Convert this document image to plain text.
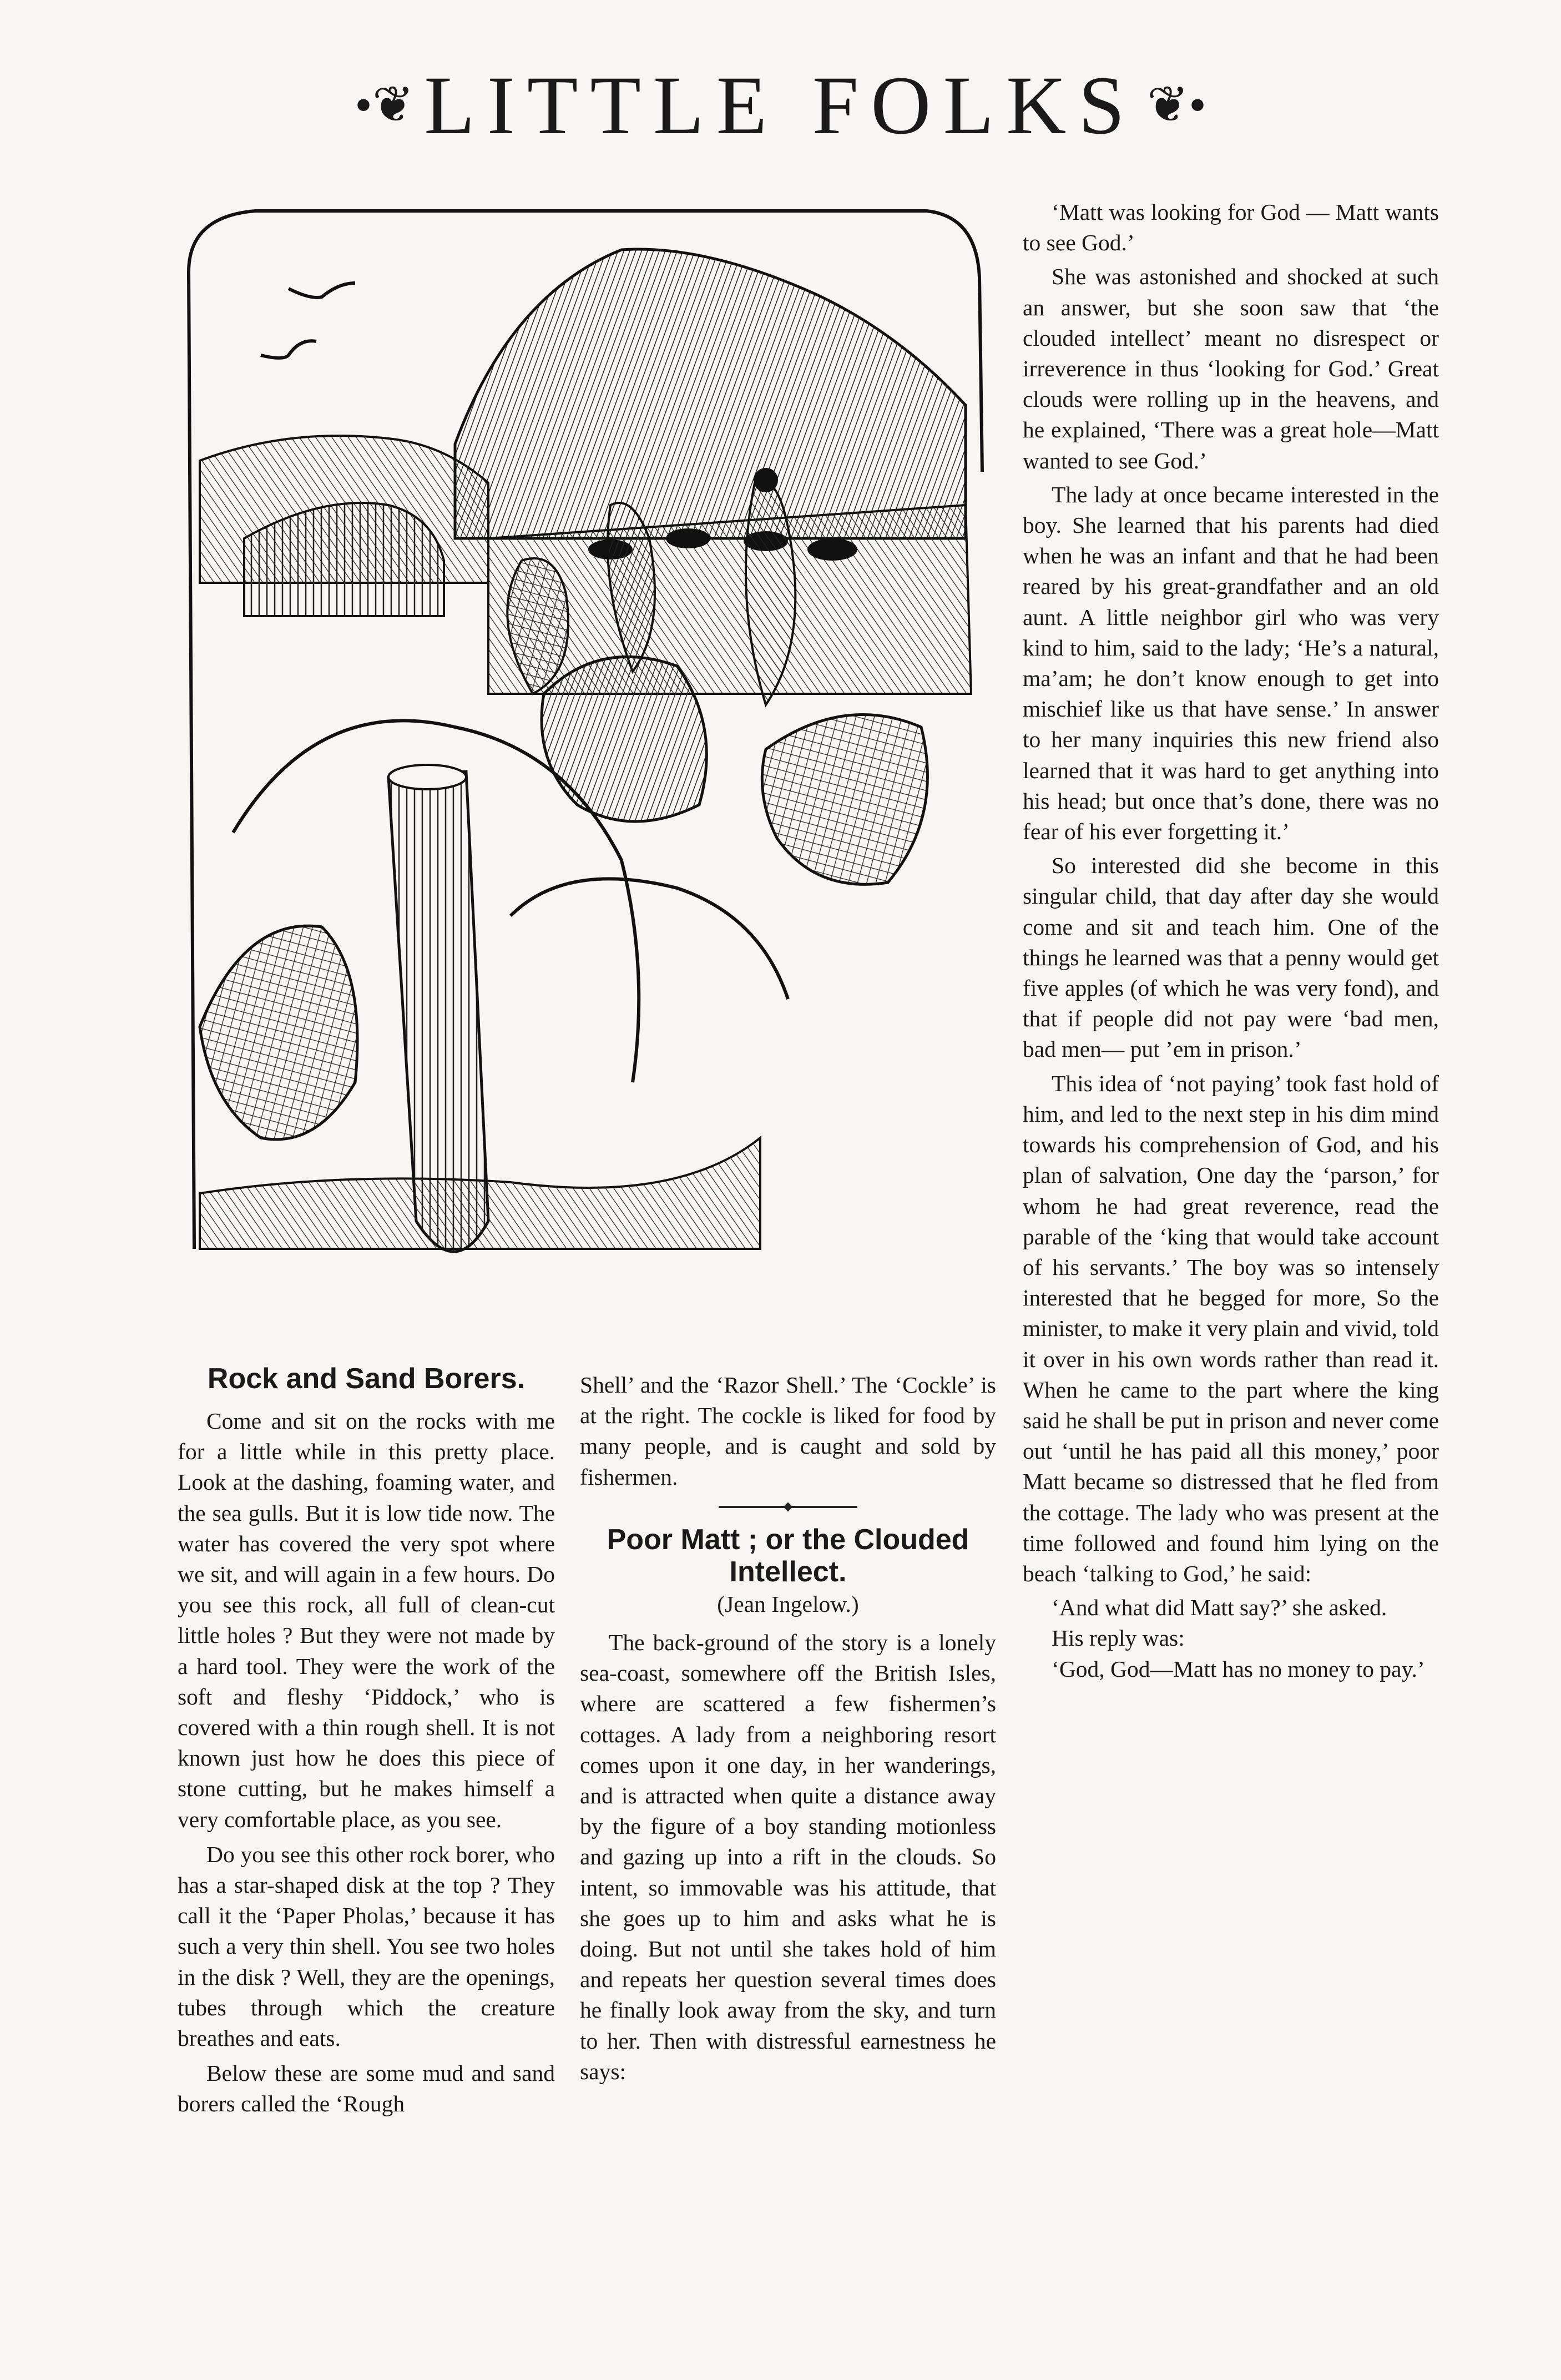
•❦ LITTLE FOLKS ❦•
Rock and Sand Borers.

Come and sit on the rocks with me for a little while in this pretty place. Look at the dashing, foaming water, and the sea gulls. But it is low tide now. The water has covered the very spot where we sit, and will again in a few hours. Do you see this rock, all full of clean-cut little holes ? But they were not made by a hard tool. They were the work of the soft and fleshy ‘Piddock,’ who is covered with a thin rough shell. It is not known just how he does this piece of stone cutting, but he makes himself a very comfortable place, as you see.

Do you see this other rock borer, who has a star-shaped disk at the top ? They call it the ‘Paper Pholas,’ because it has such a very thin shell. You see two holes in the disk ? Well, they are the openings, tubes through which the creature breathes and eats.

Below these are some mud and sand borers called the ‘Rough

Shell’ and the ‘Razor Shell.’ The ‘Cockle’ is at the right. The cockle is liked for food by many people, and is caught and sold by fishermen.

Poor Matt ; or the Clouded Intellect.
(Jean Ingelow.)

The back-ground of the story is a lonely sea-coast, somewhere off the British Isles, where are scattered a few fishermen’s cottages. A lady from a neighboring resort comes upon it one day, in her wanderings, and is attracted when quite a distance away by the figure of a boy standing motionless and gazing up into a rift in the clouds. So intent, so immovable was his attitude, that she goes up to him and asks what he is doing. But not until she takes hold of him and repeats her question several times does he finally look away from the sky, and turn to her. Then with distressful earnestness he says:

‘Matt was looking for God — Matt wants to see God.’

She was astonished and shocked at such an answer, but she soon saw that ‘the clouded intellect’ meant no disrespect or irreverence in thus ‘looking for God.’ Great clouds were rolling up in the heavens, and he explained, ‘There was a great hole—Matt wanted to see God.’

The lady at once became interested in the boy. She learned that his parents had died when he was an infant and that he had been reared by his great-grandfather and an old aunt. A little neighbor girl who was very kind to him, said to the lady; ‘He’s a natural, ma’am; he don’t know enough to get into mischief like us that have sense.’ In answer to her many inquiries this new friend also learned that it was hard to get anything into his head; but once that’s done, there was no fear of his ever forgetting it.’

So interested did she become in this singular child, that day after day she would come and sit and teach him. One of the things he learned was that a penny would get five apples (of which he was very fond), and that if people did not pay were ‘bad men, bad men— put ’em in prison.’

This idea of ‘not paying’ took fast hold of him, and led to the next step in his dim mind towards his comprehension of God, and his plan of salvation, One day the ‘parson,’ for whom he had great reverence, read the parable of the ‘king that would take account of his servants.’ The boy was so intensely interested that he begged for more, So the minister, to make it very plain and vivid, told it over in his own words rather than read it. When he came to the part where the king said he shall be put in prison and never come out ‘until he has paid all this money,’ poor Matt became so distressed that he fled from the cottage. The lady who was present at the time followed and found him lying on the beach ‘talking to God,’ he said:

‘And what did Matt say?’ she asked.

His reply was:

‘God, God—Matt has no money to pay.’
